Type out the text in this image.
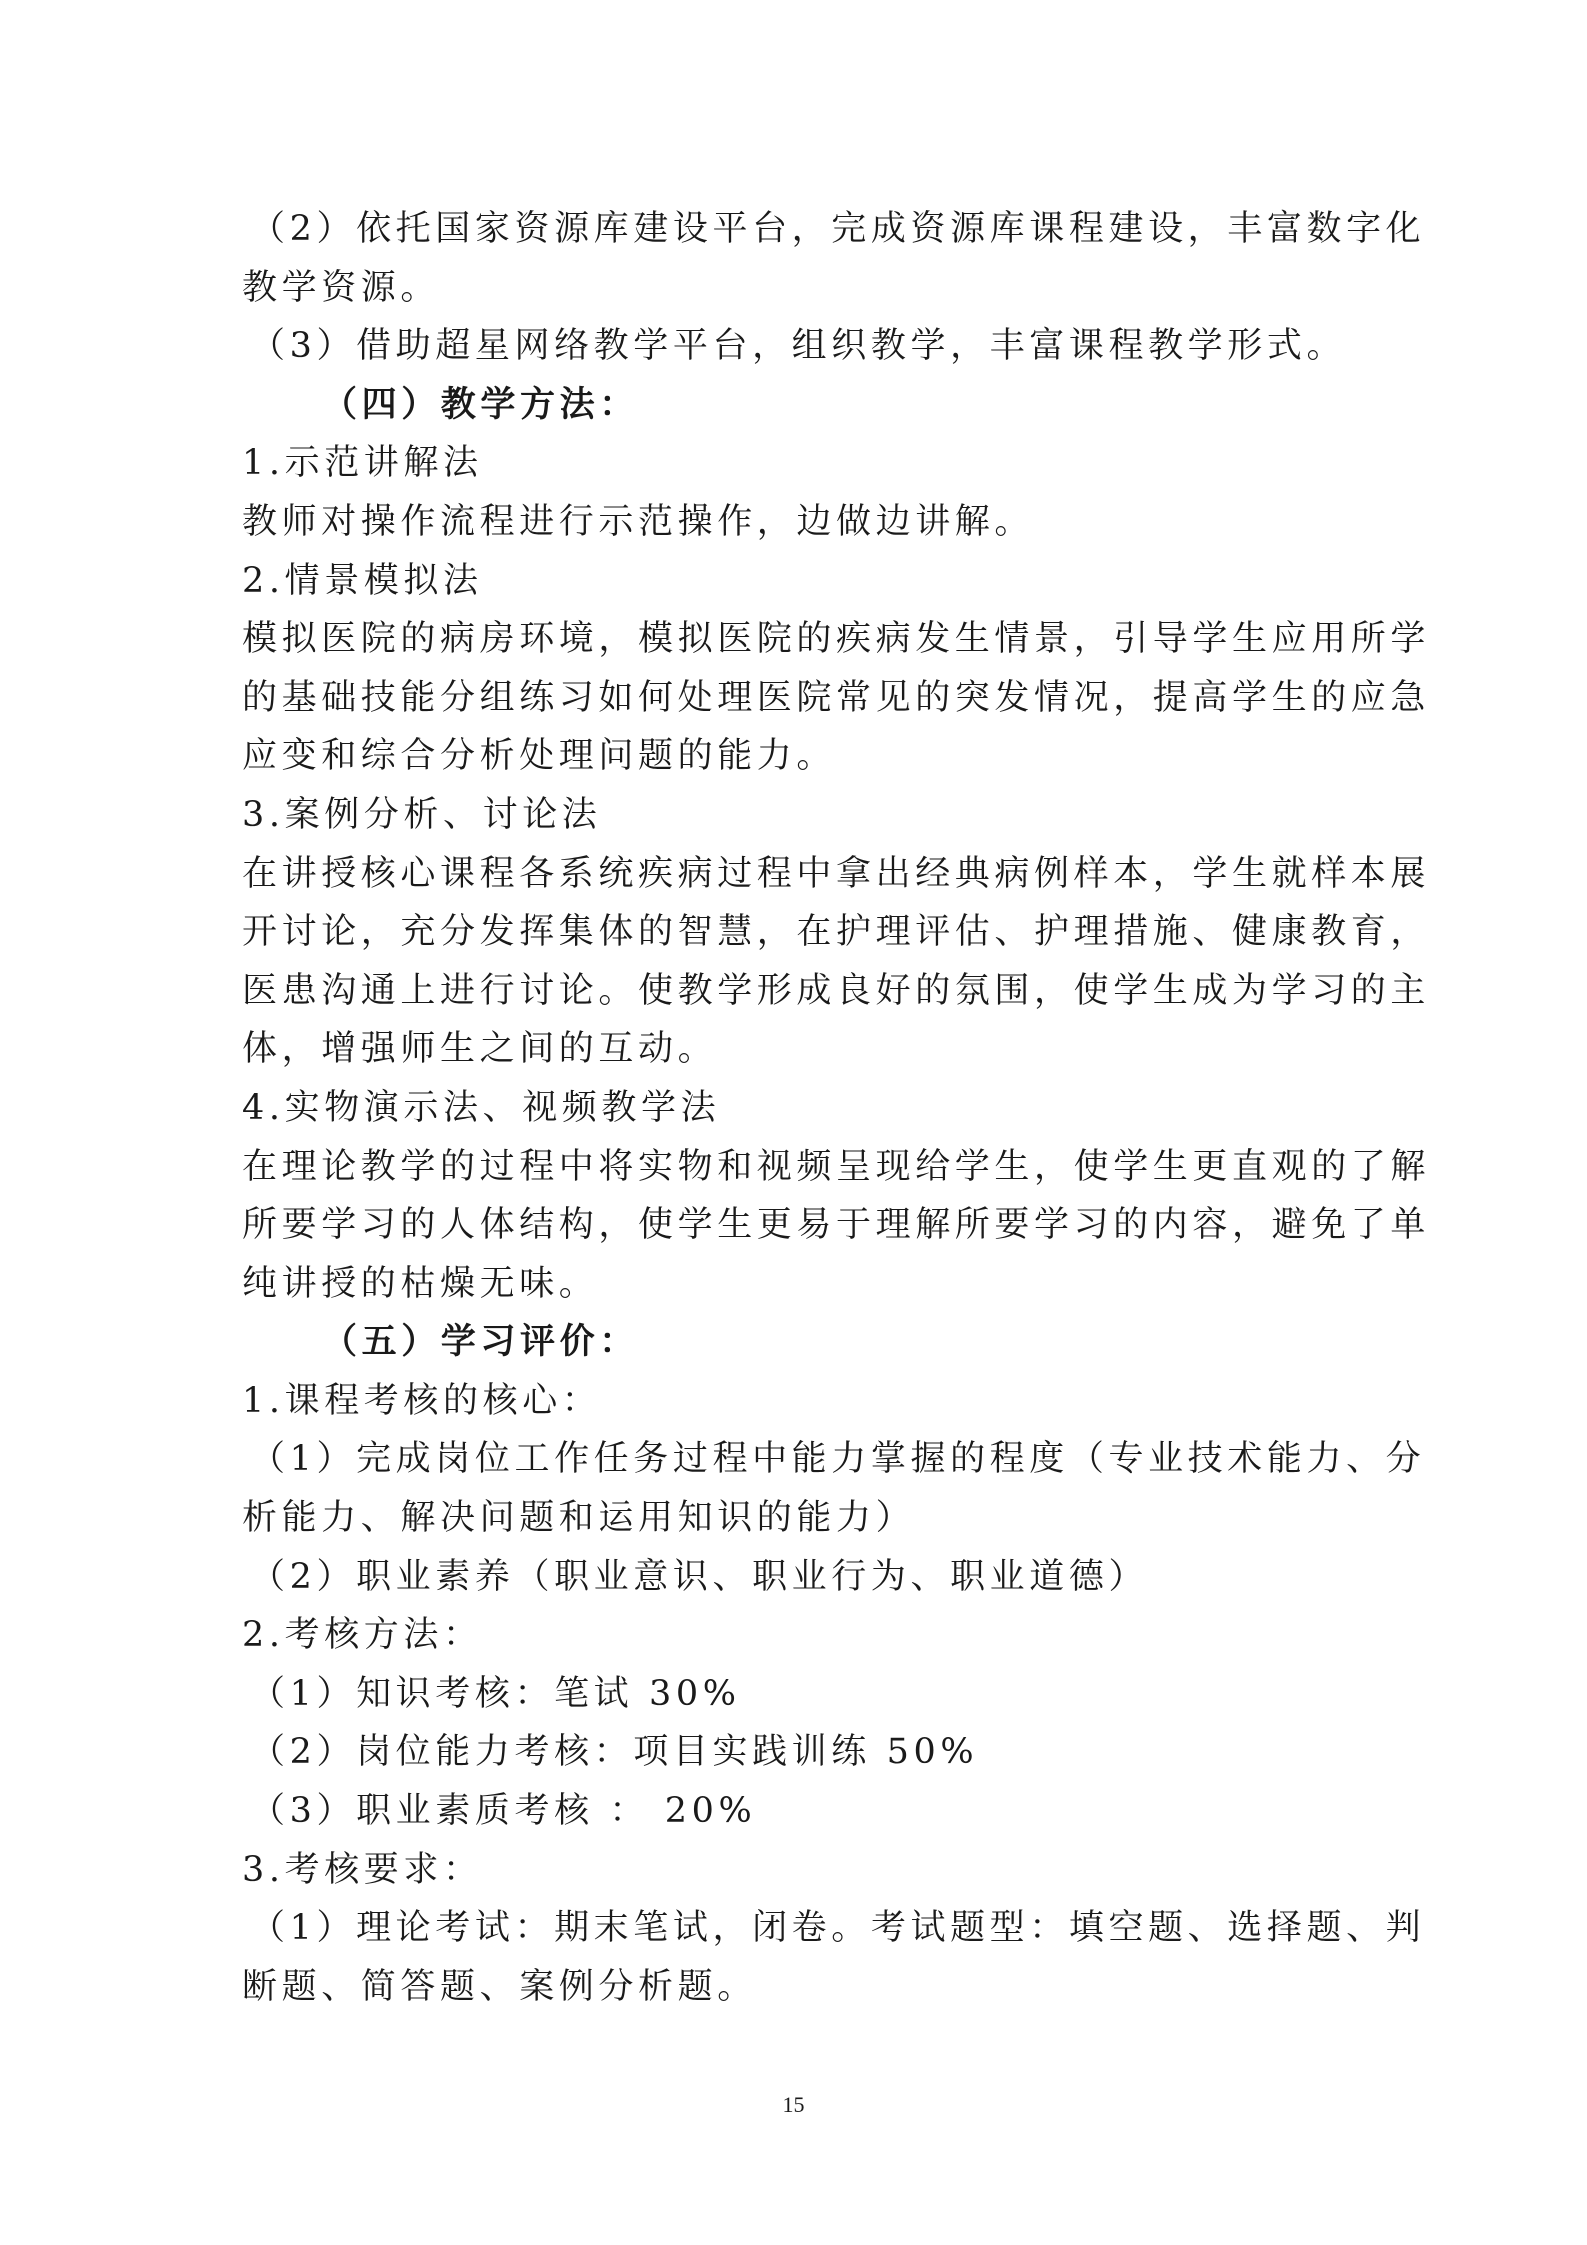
（2）依托国家资源库建设平台，完成资源库课程建设，丰富数字化
教学资源。
（3）借助超星网络教学平台，组织教学，丰富课程教学形式。
（四）教学方法：
1.示范讲解法
教师对操作流程进行示范操作，边做边讲解。
2.情景模拟法
模拟医院的病房环境，模拟医院的疾病发生情景，引导学生应用所学
的基础技能分组练习如何处理医院常见的突发情况，提高学生的应急
应变和综合分析处理问题的能力。
3.案例分析、讨论法
在讲授核心课程各系统疾病过程中拿出经典病例样本，学生就样本展
开讨论，充分发挥集体的智慧，在护理评估、护理措施、健康教育，
医患沟通上进行讨论。使教学形成良好的氛围，使学生成为学习的主
体，增强师生之间的互动。
4.实物演示法、视频教学法
在理论教学的过程中将实物和视频呈现给学生，使学生更直观的了解
所要学习的人体结构，使学生更易于理解所要学习的内容，避免了单
纯讲授的枯燥无味。
（五）学习评价：
1.课程考核的核心：
（1）完成岗位工作任务过程中能力掌握的程度（专业技术能力、分
析能力、解决问题和运用知识的能力）
（2）职业素养（职业意识、职业行为、职业道德）
2.考核方法：
（1）知识考核：笔试 30%
（2）岗位能力考核：项目实践训练 50%
（3）职业素质考核 ： 20%
3.考核要求：
（1）理论考试：期末笔试，闭卷。考试题型：填空题、选择题、判
断题、简答题、案例分析题。
15
